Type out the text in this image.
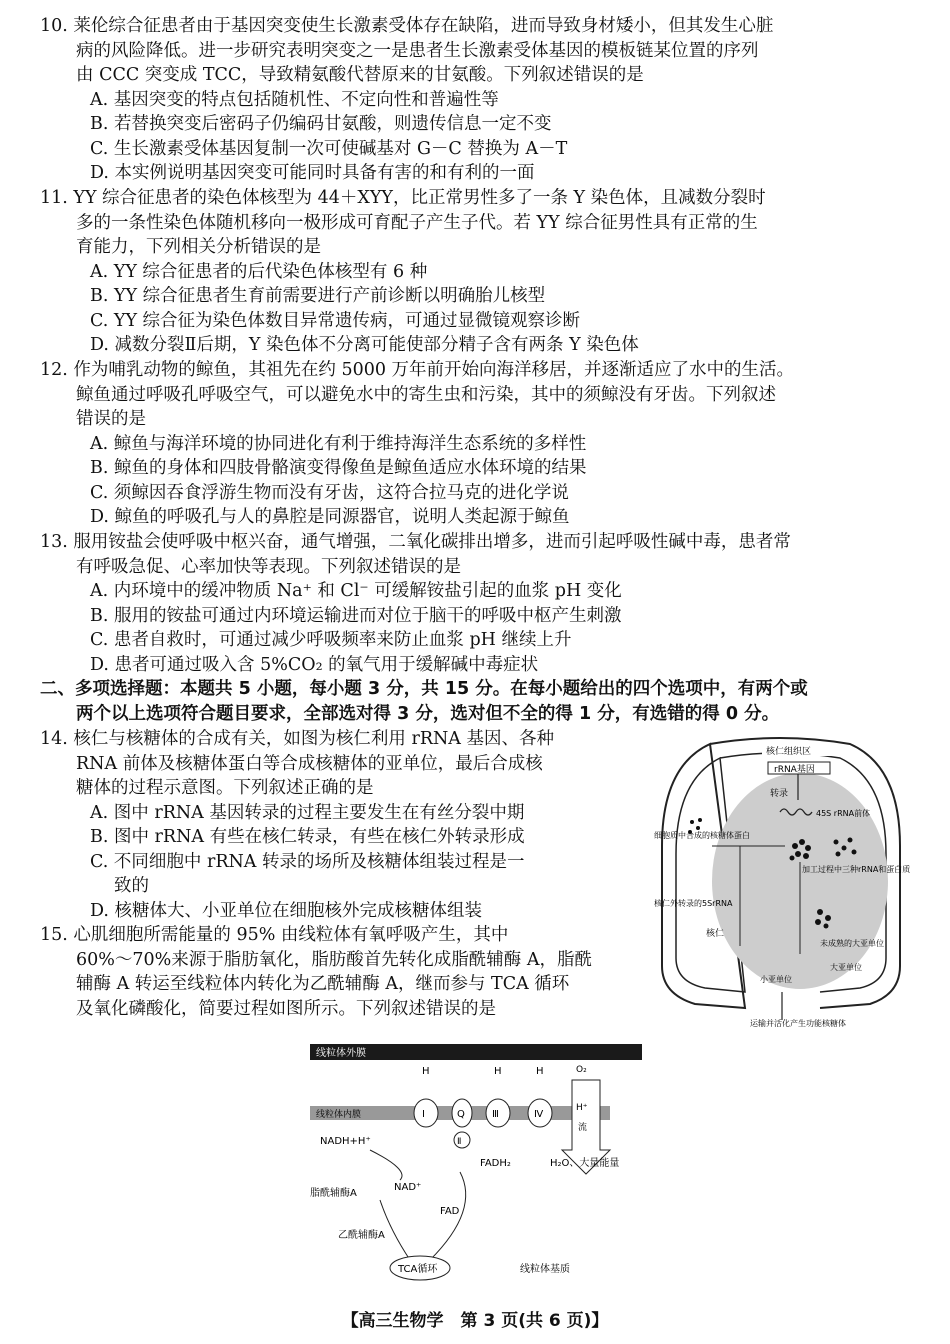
10. 莱伦综合征患者由于基因突变使生长激素受体存在缺陷，进而导致身材矮小，但其发生心脏
病的风险降低。进一步研究表明突变之一是患者生长激素受体基因的模板链某位置的序列
由 CCC 突变成 TCC，导致精氨酸代替原来的甘氨酸。下列叙述错误的是
A. 基因突变的特点包括随机性、不定向性和普遍性等
B. 若替换突变后密码子仍编码甘氨酸，则遗传信息一定不变
C. 生长激素受体基因复制一次可使碱基对 G－C 替换为 A－T
D. 本实例说明基因突变可能同时具备有害的和有利的一面
11. YY 综合征患者的染色体核型为 44＋XYY，比正常男性多了一条 Y 染色体，且减数分裂时
多的一条性染色体随机移向一极形成可育配子产生子代。若 YY 综合征男性具有正常的生
育能力，下列相关分析错误的是
A. YY 综合征患者的后代染色体核型有 6 种
B. YY 综合征患者生育前需要进行产前诊断以明确胎儿核型
C. YY 综合征为染色体数目异常遗传病，可通过显微镜观察诊断
D. 减数分裂Ⅱ后期，Y 染色体不分离可能使部分精子含有两条 Y 染色体
12. 作为哺乳动物的鲸鱼，其祖先在约 5000 万年前开始向海洋移居，并逐渐适应了水中的生活。
鲸鱼通过呼吸孔呼吸空气，可以避免水中的寄生虫和污染，其中的须鲸没有牙齿。下列叙述
错误的是
A. 鲸鱼与海洋环境的协同进化有利于维持海洋生态系统的多样性
B. 鲸鱼的身体和四肢骨骼演变得像鱼是鲸鱼适应水体环境的结果
C. 须鲸因吞食浮游生物而没有牙齿，这符合拉马克的进化学说
D. 鲸鱼的呼吸孔与人的鼻腔是同源器官，说明人类起源于鲸鱼
13. 服用铵盐会使呼吸中枢兴奋，通气增强，二氧化碳排出增多，进而引起呼吸性碱中毒，患者常
有呼吸急促、心率加快等表现。下列叙述错误的是
A. 内环境中的缓冲物质 Na⁺ 和 Cl⁻ 可缓解铵盐引起的血浆 pH 变化
B. 服用的铵盐可通过内环境运输进而对位于脑干的呼吸中枢产生刺激
C. 患者自救时，可通过减少呼吸频率来防止血浆 pH 继续上升
D. 患者可通过吸入含 5%CO₂ 的氧气用于缓解碱中毒症状
二、多项选择题：本题共 5 小题，每小题 3 分，共 15 分。在每小题给出的四个选项中，有两个或
两个以上选项符合题目要求，全部选对得 3 分，选对但不全的得 1 分，有选错的得 0 分。
14. 核仁与核糖体的合成有关，如图为核仁利用 rRNA 基因、各种
RNA 前体及核糖体蛋白等合成核糖体的亚单位，最后合成核
糖体的过程示意图。下列叙述正确的是
A. 图中 rRNA 基因转录的过程主要发生在有丝分裂中期
B. 图中 rRNA 有些在核仁转录，有些在核仁外转录形成
C. 不同细胞中 rRNA 转录的场所及核糖体组装过程是一
致的
D. 核糖体大、小亚单位在细胞核外完成核糖体组装
15. 心肌细胞所需能量的 95% 由线粒体有氧呼吸产生，其中
60%～70%来源于脂肪氧化，脂肪酸首先转化成脂酰辅酶 A，脂酰
辅酶 A 转运至线粒体内转化为乙酰辅酶 A，继而参与 TCA 循环
及氧化磷酸化，简要过程如图所示。下列叙述错误的是
核仁组织区
rRNA基因
转录
45S rRNA前体
加工过程中三种rRNA和蛋白质
细胞质中合成的核糖体蛋白
核仁外转录的5SrRNA
核仁
未成熟的大亚单位
大亚单位
小亚单位
运输并活化产生功能核糖体
线粒体外膜
线粒体内膜
H	H	H
Ⅰ	Q	Ⅲ	Ⅳ
Ⅱ
O₂
H⁺
流
H₂O、大量能量
NADH+H⁺
NAD⁺
FADH₂
FAD
脂酰辅酶A
乙酰辅酶A
TCA循环	线粒体基质
【高三生物学　第 3 页(共 6 页)】
